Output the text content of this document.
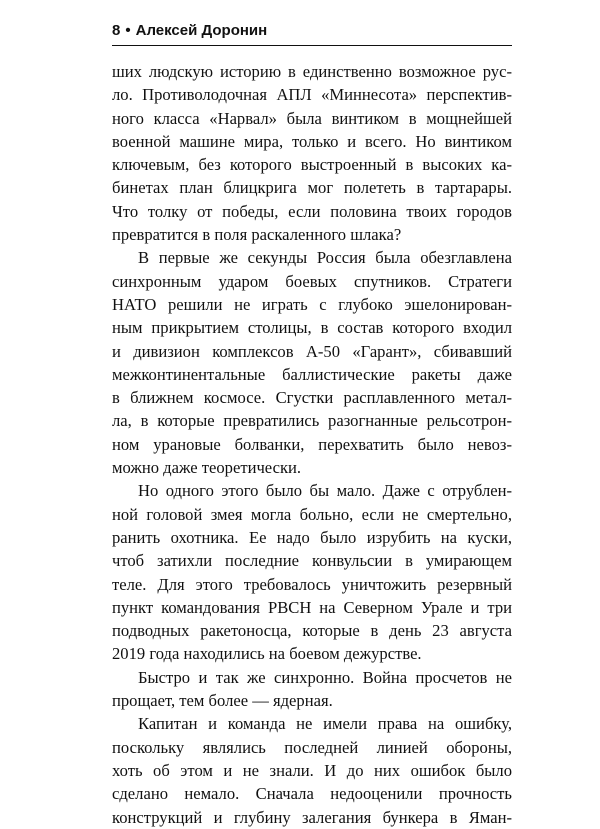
8 • Алексей Доронин
ших людскую историю в единственно возможное рус-
ло. Противолодочная АПЛ «Миннесота» перспектив-
ного класса «Нарвал» была винтиком в мощнейшей
военной машине мира, только и всего. Но винтиком
ключевым, без которого выстроенный в высоких ка-
бинетах план блицкрига мог полететь в тартарары.
Что толку от победы, если половина твоих городов
превратится в поля раскаленного шлака?
В первые же секунды Россия была обезглавлена
синхронным ударом боевых спутников. Стратеги
НАТО решили не играть с глубоко эшелонирован-
ным прикрытием столицы, в состав которого входил
и дивизион комплексов А-50 «Гарант», сбивавший
межконтинентальные баллистические ракеты даже
в ближнем космосе. Сгустки расплавленного метал-
ла, в которые превратились разогнанные рельсотрон-
ном урановые болванки, перехватить было невоз-
можно даже теоретически.
Но одного этого было бы мало. Даже с отрублен-
ной головой змея могла больно, если не смертельно,
ранить охотника. Ее надо было изрубить на куски,
чтоб затихли последние конвульсии в умирающем
теле. Для этого требовалось уничтожить резервный
пункт командования РВСН на Северном Урале и три
подводных ракетоносца, которые в день 23 августа
2019 года находились на боевом дежурстве.
Быстро и так же синхронно. Война просчетов не
прощает, тем более — ядерная.
Капитан и команда не имели права на ошибку,
поскольку являлись последней линией обороны,
хоть об этом и не знали. И до них ошибок было
сделано немало. Сначала недооценили прочность
конструкций и глубину залегания бункера в Яман-
